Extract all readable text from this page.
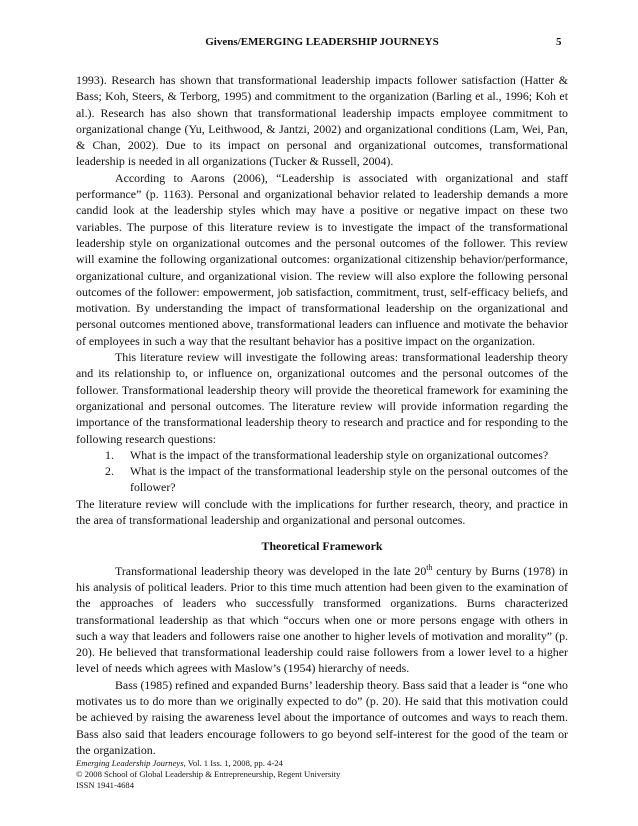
Givens/EMERGING LEADERSHIP JOURNEYS	5

1993). Research has shown that transformational leadership impacts follower satisfaction (Hatter & Bass; Koh, Steers, & Terborg, 1995) and commitment to the organization (Barling et al., 1996; Koh et al.). Research has also shown that transformational leadership impacts employee commitment to organizational change (Yu, Leithwood, & Jantzi, 2002) and organizational conditions (Lam, Wei, Pan, & Chan, 2002). Due to its impact on personal and organizational outcomes, transformational leadership is needed in all organizations (Tucker & Russell, 2004).

According to Aarons (2006), “Leadership is associated with organizational and staff performance” (p. 1163). Personal and organizational behavior related to leadership demands a more candid look at the leadership styles which may have a positive or negative impact on these two variables. The purpose of this literature review is to investigate the impact of the transformational leadership style on organizational outcomes and the personal outcomes of the follower. This review will examine the following organizational outcomes: organizational citizenship behavior/performance, organizational culture, and organizational vision. The review will also explore the following personal outcomes of the follower: empowerment, job satisfaction, commitment, trust, self-efficacy beliefs, and motivation. By understanding the impact of transformational leadership on the organizational and personal outcomes mentioned above, transformational leaders can influence and motivate the behavior of employees in such a way that the resultant behavior has a positive impact on the organization.

This literature review will investigate the following areas: transformational leadership theory and its relationship to, or influence on, organizational outcomes and the personal outcomes of the follower. Transformational leadership theory will provide the theoretical framework for examining the organizational and personal outcomes. The literature review will provide information regarding the importance of the transformational leadership theory to research and practice and for responding to the following research questions:

1. What is the impact of the transformational leadership style on organizational outcomes?
2. What is the impact of the transformational leadership style on the personal outcomes of the follower?

The literature review will conclude with the implications for further research, theory, and practice in the area of transformational leadership and organizational and personal outcomes.

Theoretical Framework

Transformational leadership theory was developed in the late 20th century by Burns (1978) in his analysis of political leaders. Prior to this time much attention had been given to the examination of the approaches of leaders who successfully transformed organizations. Burns characterized transformational leadership as that which “occurs when one or more persons engage with others in such a way that leaders and followers raise one another to higher levels of motivation and morality” (p. 20). He believed that transformational leadership could raise followers from a lower level to a higher level of needs which agrees with Maslow’s (1954) hierarchy of needs.

Bass (1985) refined and expanded Burns’ leadership theory. Bass said that a leader is “one who motivates us to do more than we originally expected to do” (p. 20). He said that this motivation could be achieved by raising the awareness level about the importance of outcomes and ways to reach them. Bass also said that leaders encourage followers to go beyond self-interest for the good of the team or the organization.

Emerging Leadership Journeys, Vol. 1 Iss. 1, 2008, pp. 4-24
© 2008 School of Global Leadership & Entrepreneurship, Regent University
ISSN 1941-4684
